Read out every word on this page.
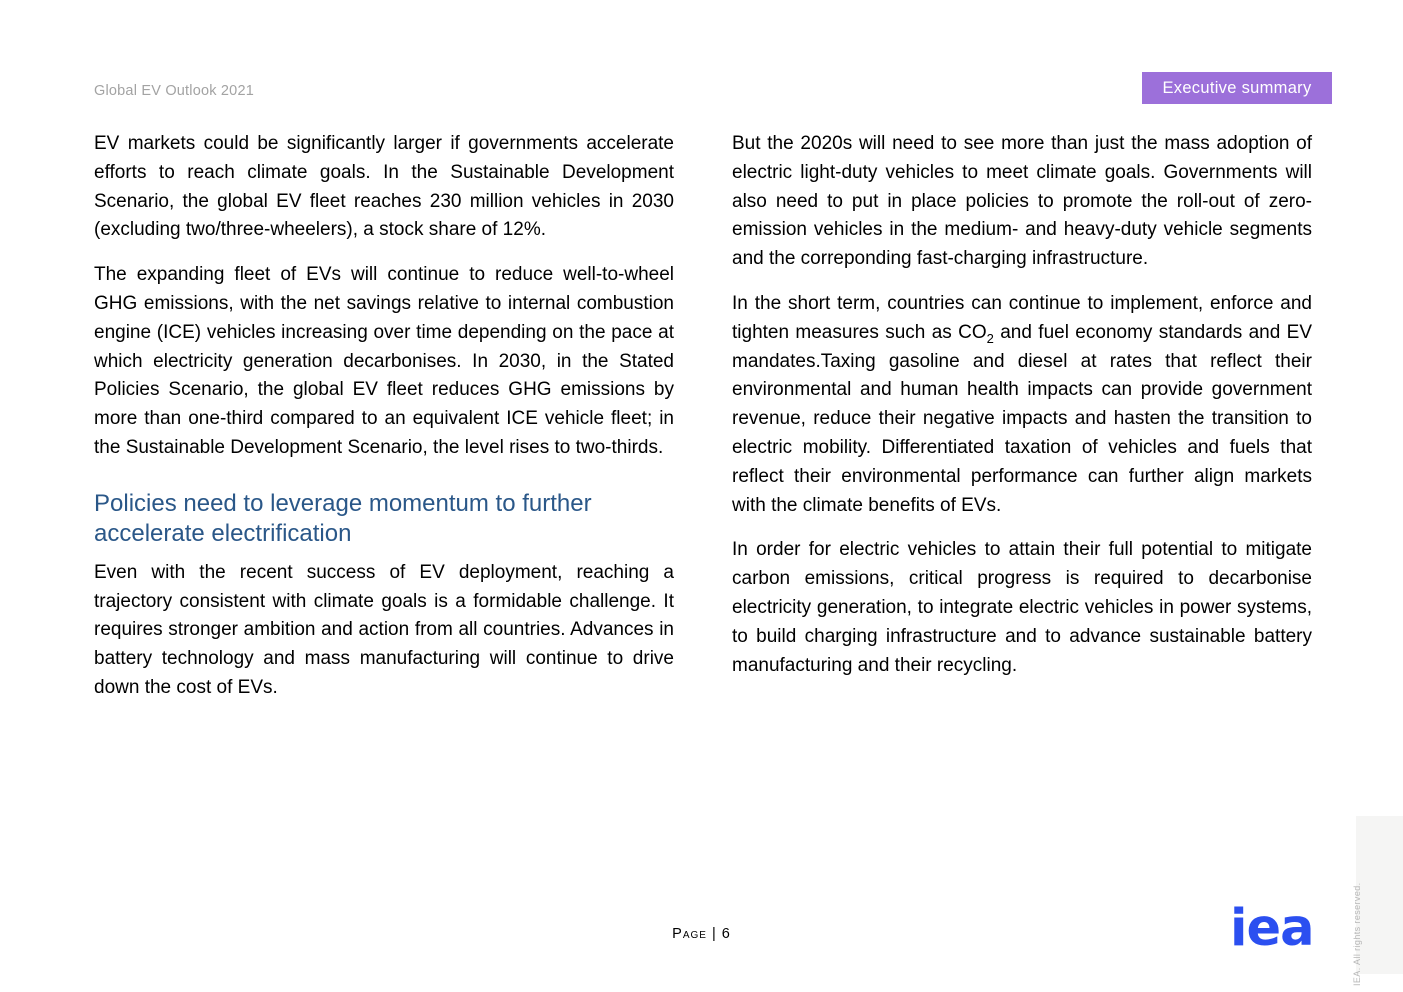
Global EV Outlook 2021	Executive summary

EV markets could be significantly larger if governments accelerate efforts to reach climate goals. In the Sustainable Development Scenario, the global EV fleet reaches 230 million vehicles in 2030 (excluding two/three-wheelers), a stock share of 12%.

The expanding fleet of EVs will continue to reduce well-to-wheel GHG emissions, with the net savings relative to internal combustion engine (ICE) vehicles increasing over time depending on the pace at which electricity generation decarbonises. In 2030, in the Stated Policies Scenario, the global EV fleet reduces GHG emissions by more than one-third compared to an equivalent ICE vehicle fleet; in the Sustainable Development Scenario, the level rises to two-thirds.

Policies need to leverage momentum to further accelerate electrification

Even with the recent success of EV deployment, reaching a trajectory consistent with climate goals is a formidable challenge. It requires stronger ambition and action from all countries. Advances in battery technology and mass manufacturing will continue to drive down the cost of EVs.

But the 2020s will need to see more than just the mass adoption of electric light-duty vehicles to meet climate goals. Governments will also need to put in place policies to promote the roll-out of zero-emission vehicles in the medium- and heavy-duty vehicle segments and the correponding fast-charging infrastructure.

In the short term, countries can continue to implement, enforce and tighten measures such as $CO_2$ and fuel economy standards and EV mandates.Taxing gasoline and diesel at rates that reflect their environmental and human health impacts can provide government revenue, reduce their negative impacts and hasten the transition to electric mobility. Differentiated taxation of vehicles and fuels that reflect their environmental performance can further align markets with the climate benefits of EVs.

In order for electric vehicles to attain their full potential to mitigate carbon emissions, critical progress is required to decarbonise electricity generation, to integrate electric vehicles in power systems, to build charging infrastructure and to advance sustainable battery manufacturing and their recycling.

Page | 6	IEA. All rights reserved.
iea
